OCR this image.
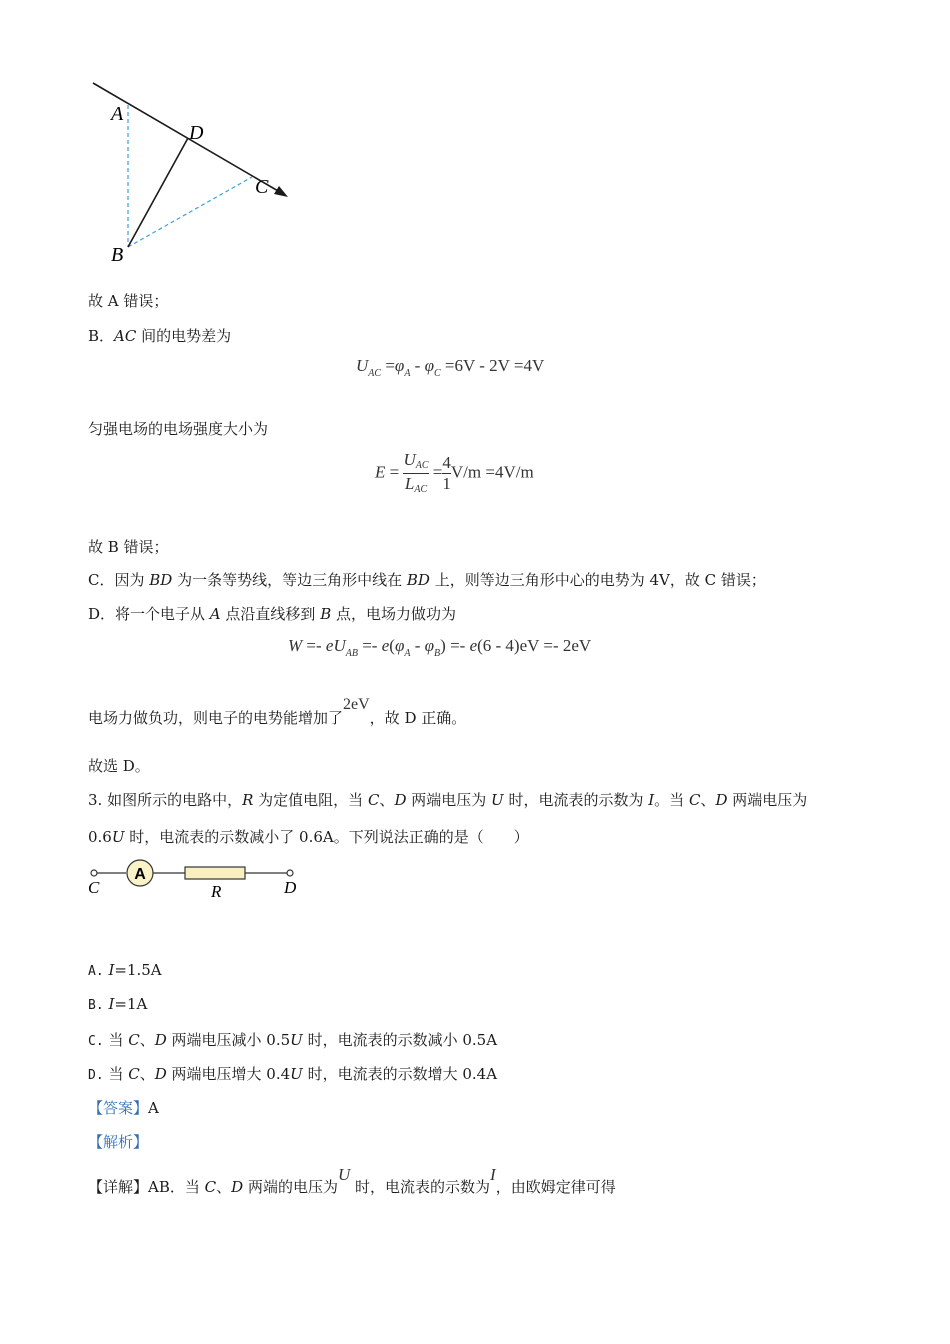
A
D
C
B
故 A 错误；
B．AC 间的电势差为
$U_{AC} =\varphi_A - \varphi_C =6V - 2V =4V$
匀强电场的电场强度大小为
$E = \frac{\text{UAC}}{\text{LAC}} = \frac{4}{1} V/m =4V/m$
故 B 错误；
C．因为 BD 为一条等势线，等边三角形中线在 BD 上，则等边三角形中心的电势为 4V，故 C 错误；
D．将一个电子从 A 点沿直线移到 B 点，电场力做功为
$W =- eU_{AB} =- e(\varphi_A - \varphi_B) =- e(6 - 4)eV =- 2eV$
电场力做负功，则电子的电势能增加了2eV，故 D 正确。
故选 D。
3. 如图所示的电路中，R 为定值电阻，当 C、D 两端电压为 U 时，电流表的示数为 I。当 C、D 两端电压为
0.6U 时，电流表的示数减小了 0.6A。下列说法正确的是（　　）
A
C	R	D
A. I=1.5A
B. I=1A
C. 当 C、D 两端电压减小 0.5U 时，电流表的示数减小 0.5A
D. 当 C、D 两端电压增大 0.4U 时，电流表的示数增大 0.4A
【答案】A
【解析】
【详解】AB．当 C、D 两端的电压为U 时，电流表的示数为I，由欧姆定律可得
